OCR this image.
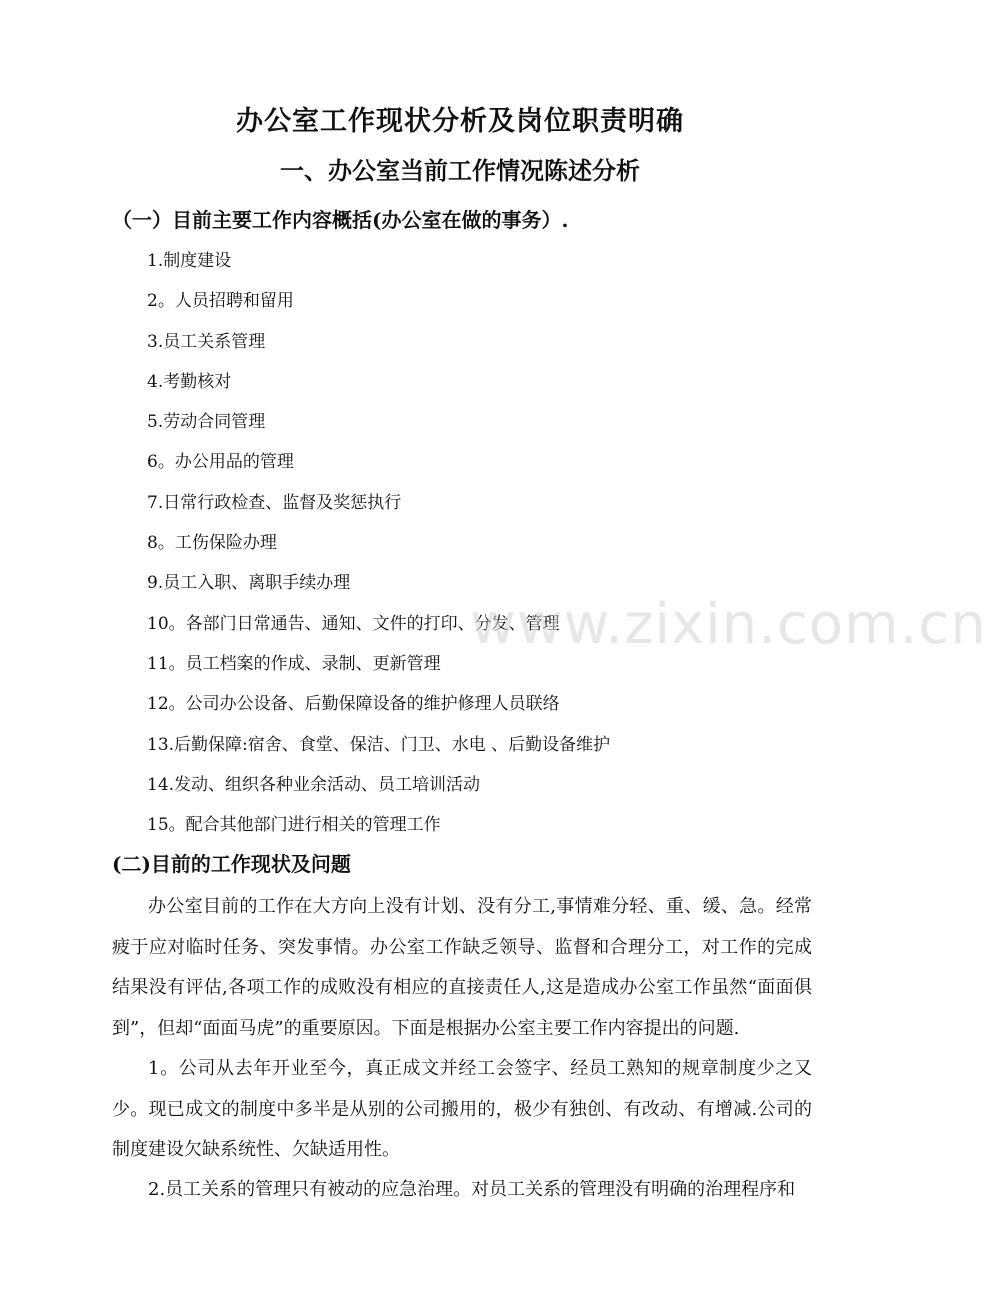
办公室工作现状分析及岗位职责明确
一、办公室当前工作情况陈述分析
（一）目前主要工作内容概括(办公室在做的事务）.
1.制度建设
2。人员招聘和留用
3.员工关系管理
4.考勤核对
5.劳动合同管理
6。办公用品的管理
7.日常行政检查、监督及奖惩执行
8。工伤保险办理
9.员工入职、离职手续办理
10。各部门日常通告、通知、文件的打印、分发、管理
11。员工档案的作成、录制、更新管理
12。公司办公设备、后勤保障设备的维护修理人员联络
13.后勤保障:宿舍、食堂、保洁、门卫、水电 、后勤设备维护
14.发动、组织各种业余活动、员工培训活动
15。配合其他部门进行相关的管理工作
(二)目前的工作现状及问题

办公室目前的工作在大方向上没有计划、没有分工,事情难分轻、重、缓、急。经常疲于应对临时任务、突发事情。办公室工作缺乏领导、监督和合理分工，对工作的完成结果没有评估,各项工作的成败没有相应的直接责任人,这是造成办公室工作虽然“面面俱到”，但却“面面马虎”的重要原因。下面是根据办公室主要工作内容提出的问题.

1。公司从去年开业至今，真正成文并经工会签字、经员工熟知的规章制度少之又少。现已成文的制度中多半是从别的公司搬用的，极少有独创、有改动、有增减.公司的制度建设欠缺系统性、欠缺适用性。

2.员工关系的管理只有被动的应急治理。对员工关系的管理没有明确的治理程序和

www.zixin.com.cn
